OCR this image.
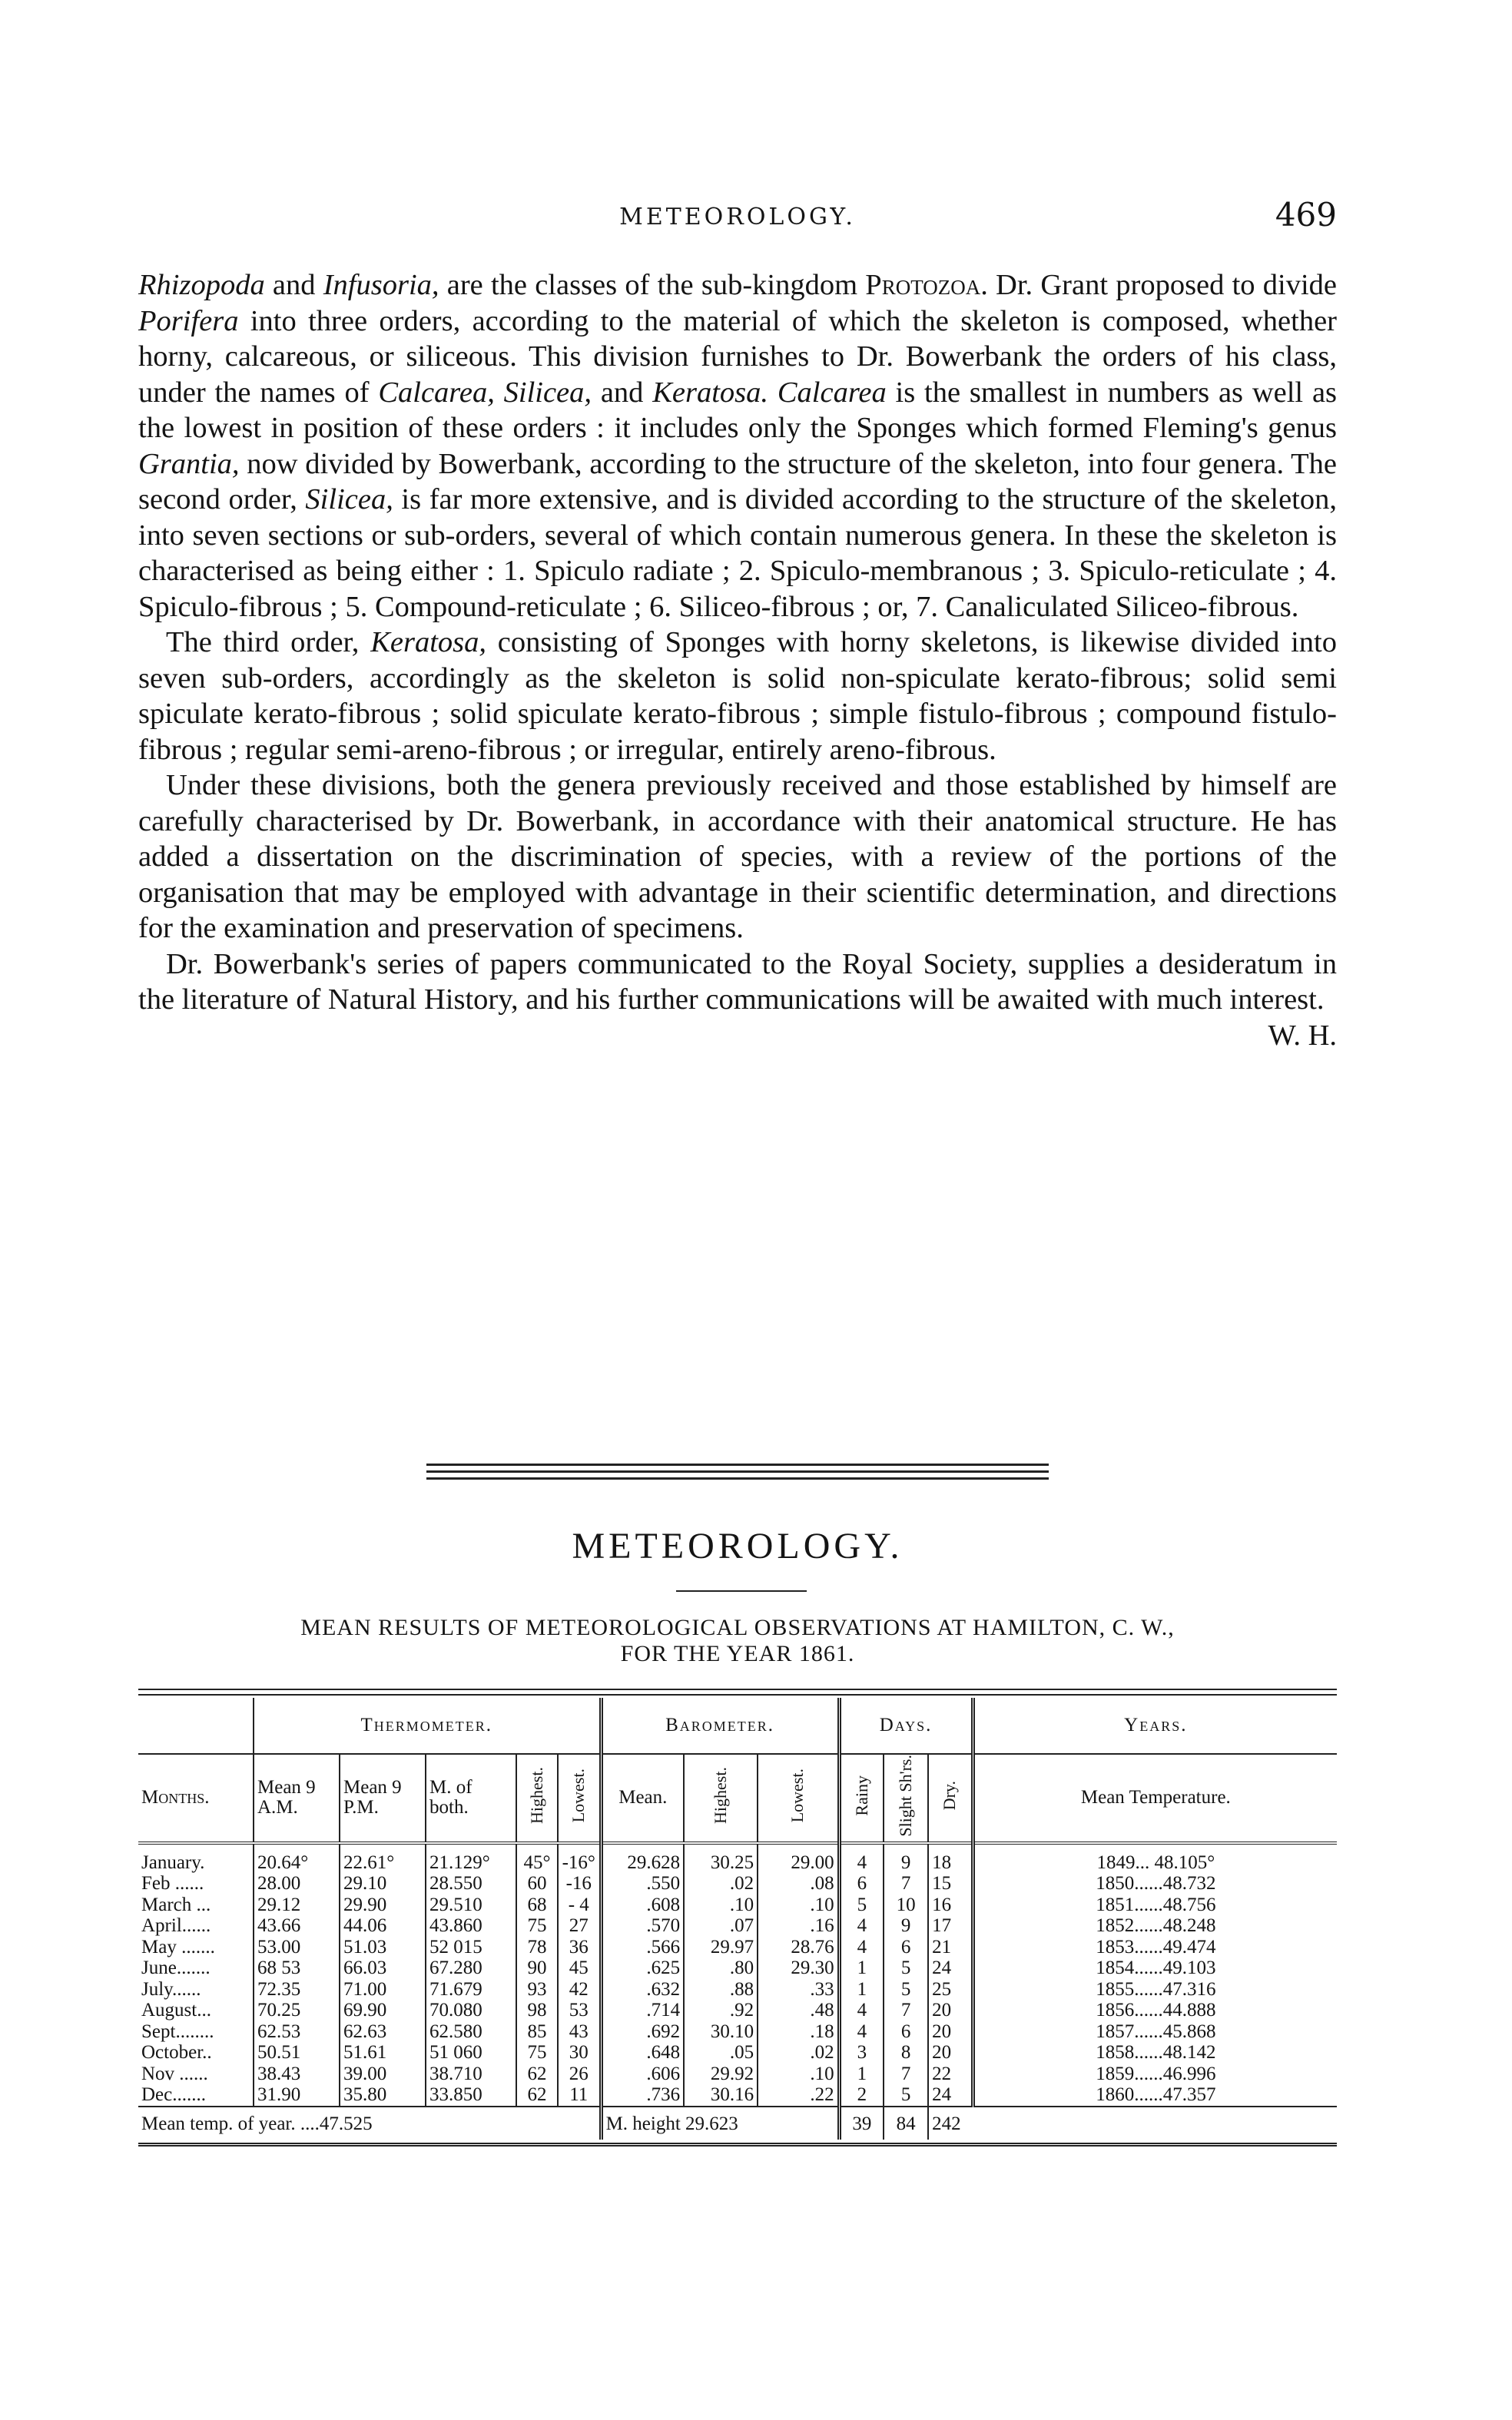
METEOROLOGY.	469

Rhizopoda and Infusoria, are the classes of the sub-kingdom Protozoa. Dr. Grant proposed to divide Porifera into three orders, according to the material of which the skeleton is composed, whether horny, calcareous, or siliceous. This division furnishes to Dr. Bowerbank the orders of his class, under the names of Calcarea, Silicea, and Keratosa. Calcarea is the smallest in numbers as well as the lowest in position of these orders : it includes only the Sponges which formed Fleming's genus Grantia, now divided by Bowerbank, according to the structure of the skeleton, into four genera. The second order, Silicea, is far more extensive, and is divided according to the structure of the skeleton, into seven sections or sub-orders, several of which contain numerous genera. In these the skeleton is characterised as being either : 1. Spiculo radiate ; 2. Spiculo-membranous ; 3. Spiculo-reticulate ; 4. Spiculo-fibrous ; 5. Compound-reticulate ; 6. Siliceo-fibrous ; or, 7. Canaliculated Siliceo-fibrous.

The third order, Keratosa, consisting of Sponges with horny skeletons, is likewise divided into seven sub-orders, accordingly as the skeleton is solid non-spiculate kerato-fibrous; solid semi spiculate kerato-fibrous ; solid spiculate kerato-fibrous ; simple fistulo-fibrous ; compound fistulo-fibrous ; regular semi-areno-fibrous ; or irregular, entirely areno-fibrous.

Under these divisions, both the genera previously received and those established by himself are carefully characterised by Dr. Bowerbank, in accordance with their anatomical structure. He has added a dissertation on the discrimination of species, with a review of the portions of the organisation that may be employed with advantage in their scientific determination, and directions for the examination and preservation of specimens.

Dr. Bowerbank's series of papers communicated to the Royal Society, supplies a desideratum in the literature of Natural History, and his further communications will be awaited with much interest.
W. H.

METEOROLOGY.
MEAN RESULTS OF METEOROLOGICAL OBSERVATIONS AT HAMILTON, C. W.,
FOR THE YEAR 1861.
	Thermometer.					Barometer.			Days.			Years.
Months.	Mean 9 A.M.	Mean 9 P.M.	M. of both.	Highest.	Lowest.	Mean.	Highest.	Lowest.	Rainy	Slight Sh'rs.	Dry.	Mean Temperature.
January.	20.64°	22.61°	21.129°	45°	-16°	29.628	30.25	29.00	4	9	18	1849... 48.105°
Feb ......	28.00	29.10	28.550	60	-16	.550	.02	.08	6	7	15	1850......48.732
March ...	29.12	29.90	29.510	68	- 4	.608	.10	.10	5	10	16	1851......48.756
April......	43.66	44.06	43.860	75	27	.570	.07	.16	4	9	17	1852......48.248
May .......	53.00	51.03	52 015	78	36	.566	29.97	28.76	4	6	21	1853......49.474
June.......	68 53	66.03	67.280	90	45	.625	.80	29.30	1	5	24	1854......49.103
July......	72.35	71.00	71.679	93	42	.632	.88	.33	1	5	25	1855......47.316
August...	70.25	69.90	70.080	98	53	.714	.92	.48	4	7	20	1856......44.888
Sept........	62.53	62.63	62.580	85	43	.692	30.10	.18	4	6	20	1857......45.868
October..	50.51	51.61	51 060	75	30	.648	.05	.02	3	8	20	1858......48.142
Nov ......	38.43	39.00	38.710	62	26	.606	29.92	.10	1	7	22	1859......46.996
Dec.......	31.90	35.80	33.850	62	11	.736	30.16	.22	2	5	24	1860......47.357
Mean temp. of year. ....47.525						M. height 29.623			39	84	242	
